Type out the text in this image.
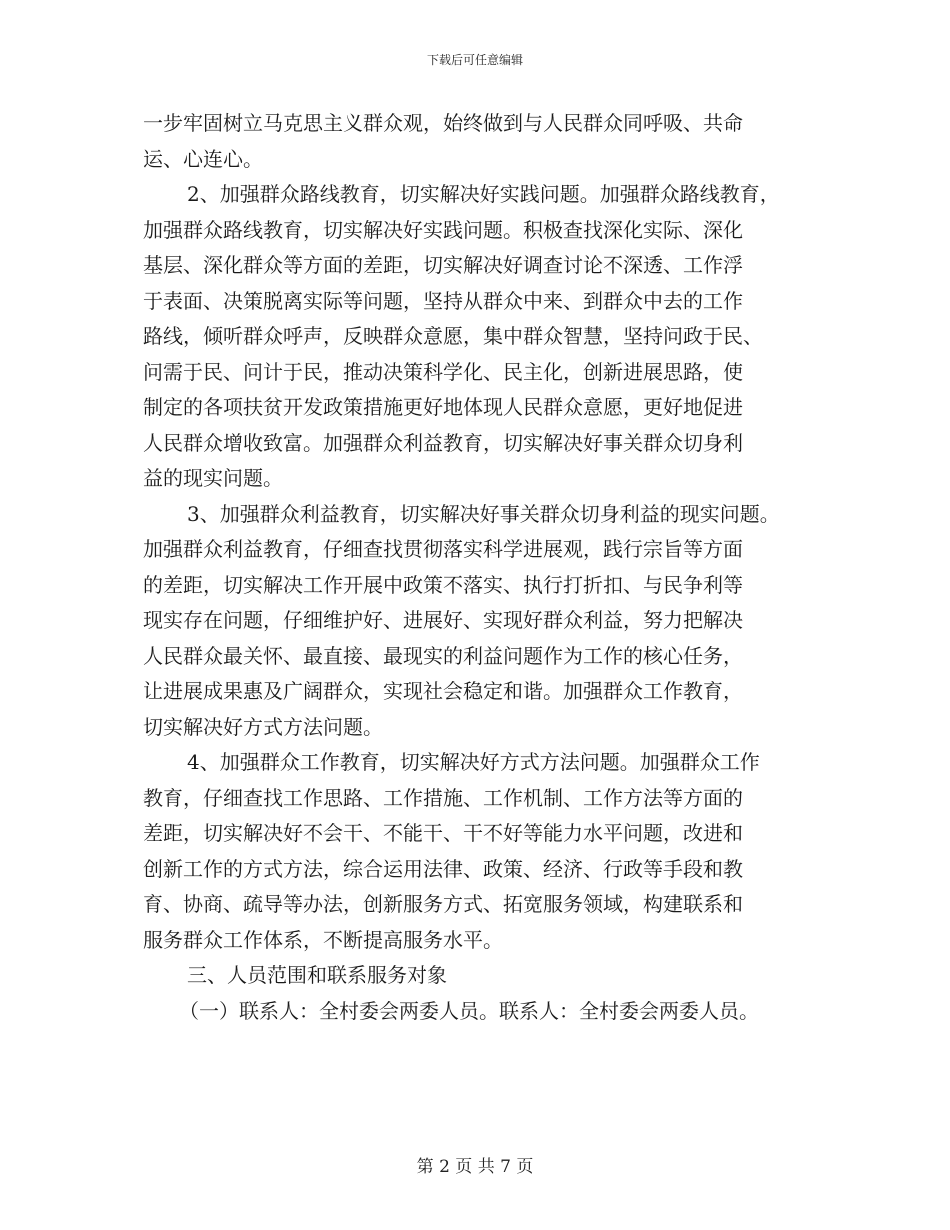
下载后可任意编辑
一步牢固树立马克思主义群众观，始终做到与人民群众同呼吸、共命
运、心连心。
2、加强群众路线教育，切实解决好实践问题。加强群众路线教育，
加强群众路线教育，切实解决好实践问题。积极查找深化实际、深化
基层、深化群众等方面的差距，切实解决好调查讨论不深透、工作浮
于表面、决策脱离实际等问题，坚持从群众中来、到群众中去的工作
路线，倾听群众呼声，反映群众意愿，集中群众智慧，坚持问政于民、
问需于民、问计于民，推动决策科学化、民主化，创新进展思路，使
制定的各项扶贫开发政策措施更好地体现人民群众意愿，更好地促进
人民群众增收致富。加强群众利益教育，切实解决好事关群众切身利
益的现实问题。
3、加强群众利益教育，切实解决好事关群众切身利益的现实问题。
加强群众利益教育，仔细查找贯彻落实科学进展观，践行宗旨等方面
的差距，切实解决工作开展中政策不落实、执行打折扣、与民争利等
现实存在问题，仔细维护好、进展好、实现好群众利益，努力把解决
人民群众最关怀、最直接、最现实的利益问题作为工作的核心任务，
让进展成果惠及广阔群众，实现社会稳定和谐。加强群众工作教育，
切实解决好方式方法问题。
4、加强群众工作教育，切实解决好方式方法问题。加强群众工作
教育，仔细查找工作思路、工作措施、工作机制、工作方法等方面的
差距，切实解决好不会干、不能干、干不好等能力水平问题，改进和
创新工作的方式方法，综合运用法律、政策、经济、行政等手段和教
育、协商、疏导等办法，创新服务方式、拓宽服务领域，构建联系和
服务群众工作体系，不断提高服务水平。
三、人员范围和联系服务对象
（一）联系人：全村委会两委人员。联系人：全村委会两委人员。
第 2 页 共 7 页
